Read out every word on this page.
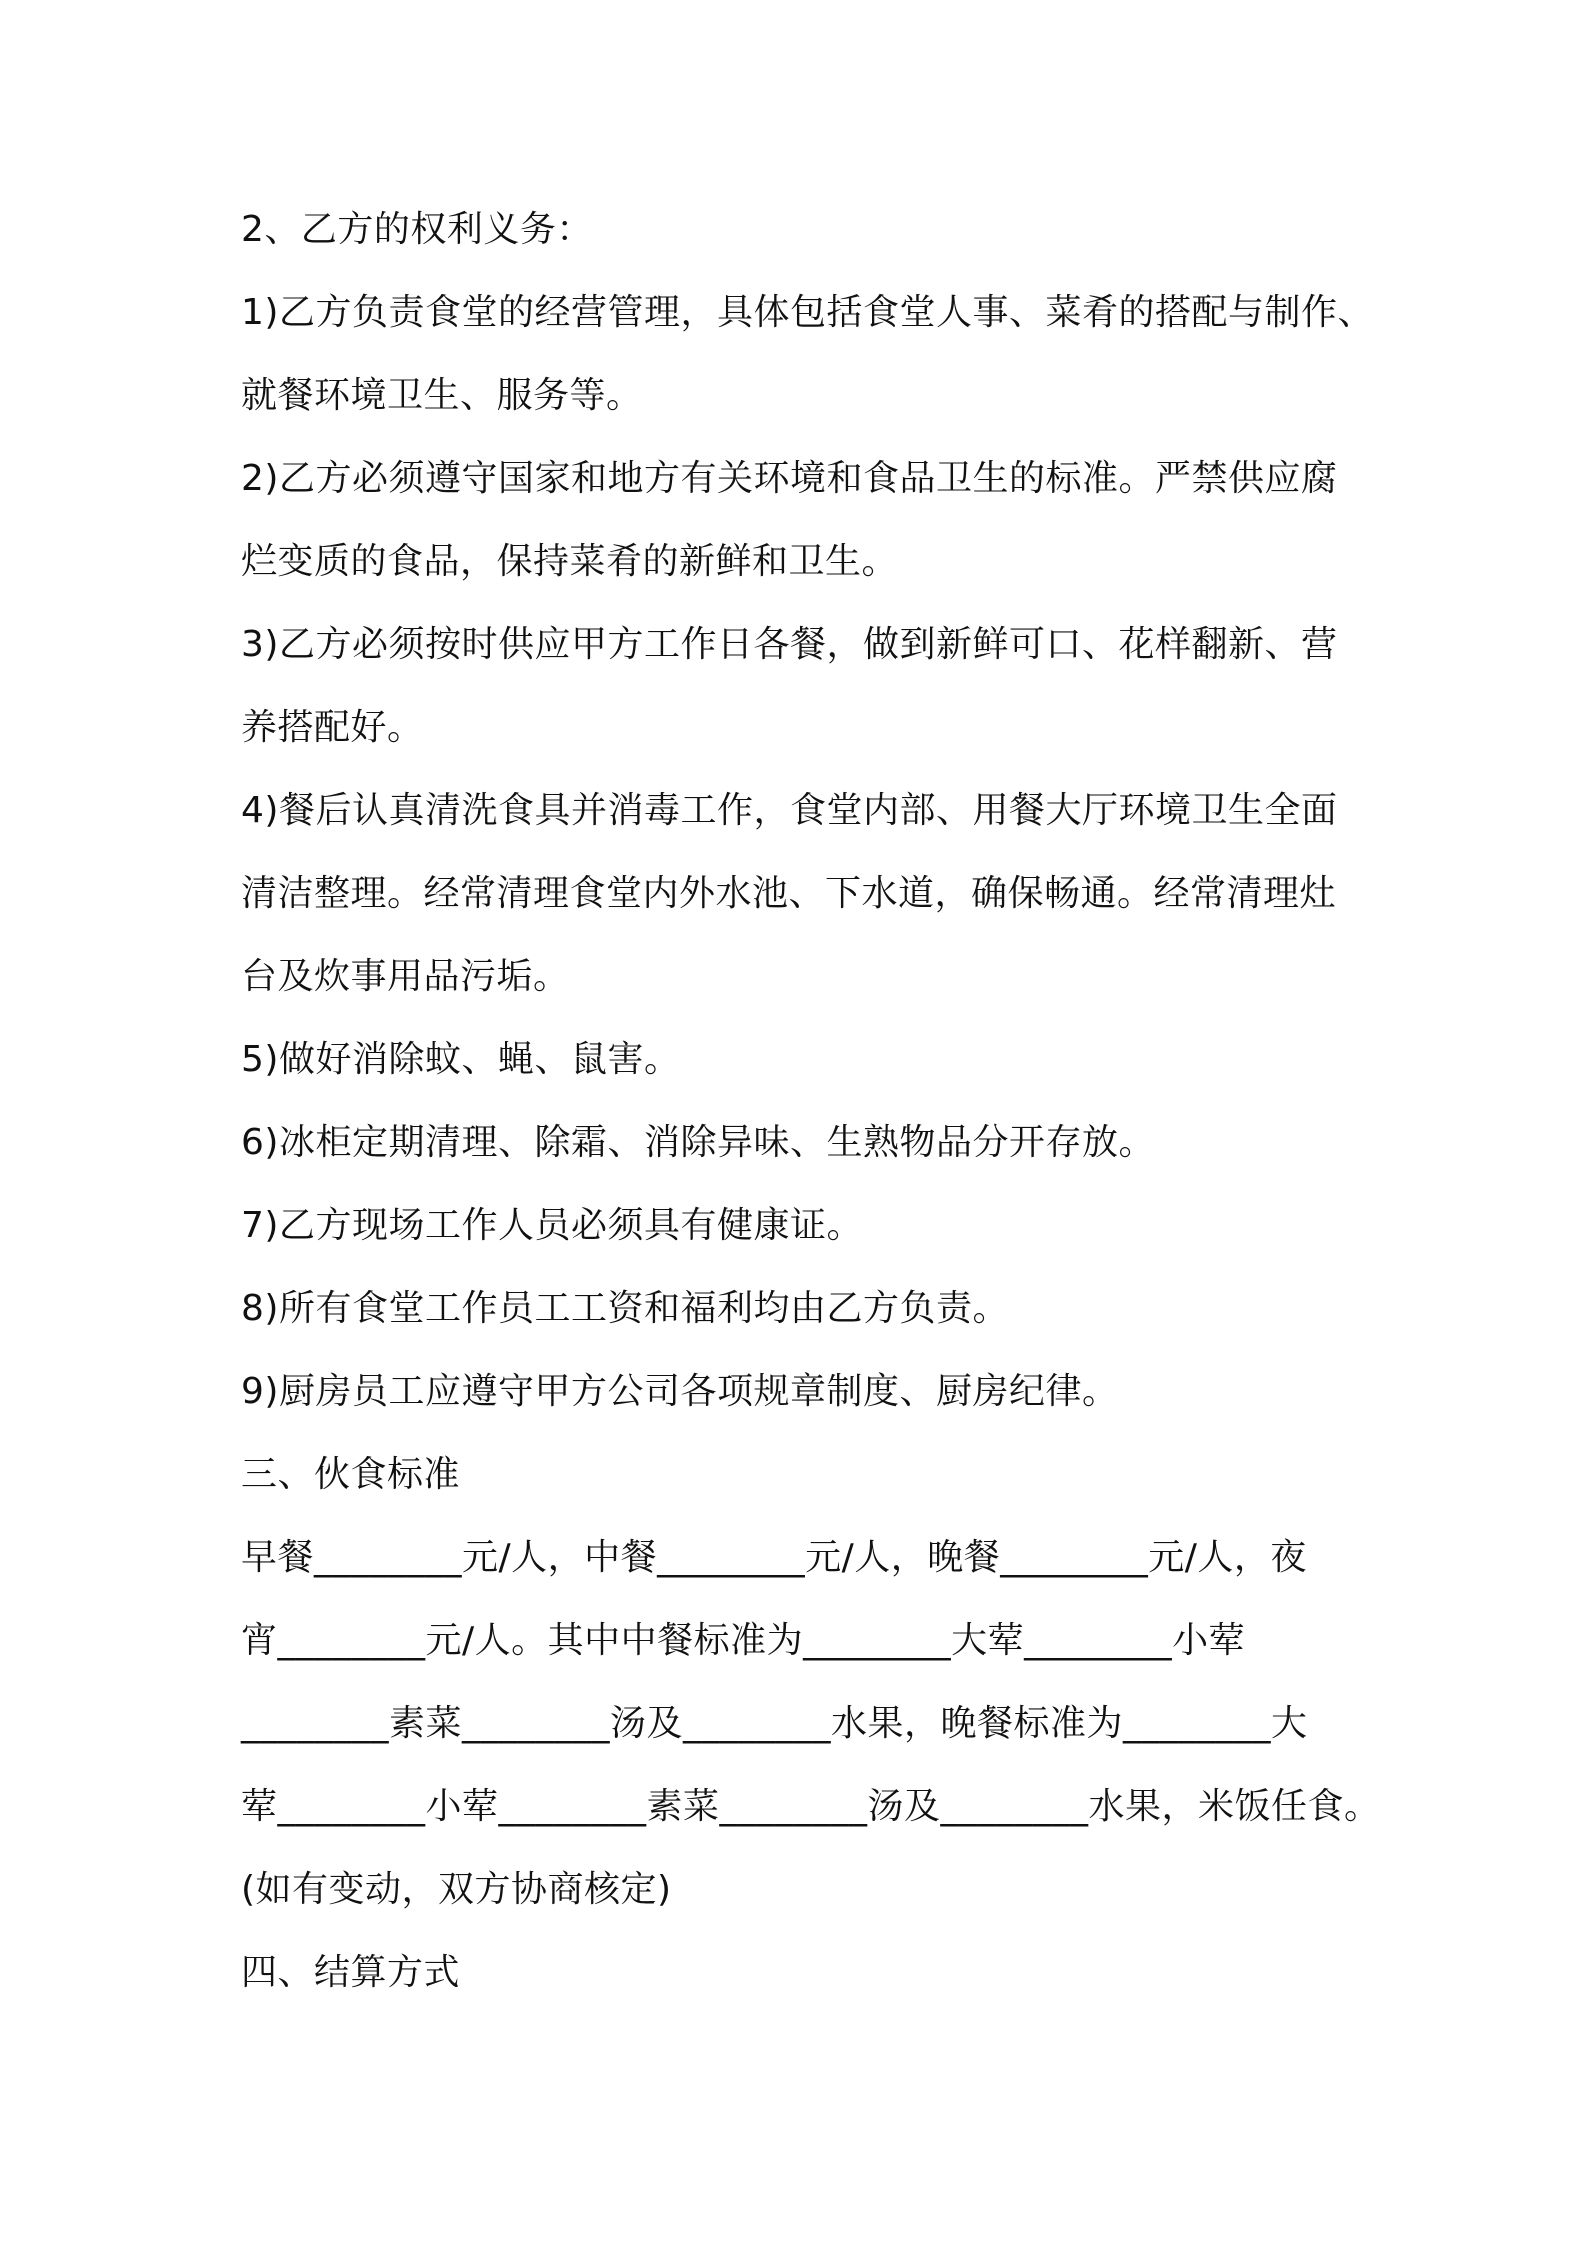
2、乙方的权利义务：
1)乙方负责食堂的经营管理，具体包括食堂人事、菜肴的搭配与制作、
就餐环境卫生、服务等。
2)乙方必须遵守国家和地方有关环境和食品卫生的标准。严禁供应腐
烂变质的食品，保持菜肴的新鲜和卫生。
3)乙方必须按时供应甲方工作日各餐，做到新鲜可口、花样翻新、营
养搭配好。
4)餐后认真清洗食具并消毒工作，食堂内部、用餐大厅环境卫生全面
清洁整理。经常清理食堂内外水池、下水道，确保畅通。经常清理灶
台及炊事用品污垢。
5)做好消除蚊、蝇、鼠害。
6)冰柜定期清理、除霜、消除异味、生熟物品分开存放。
7)乙方现场工作人员必须具有健康证。
8)所有食堂工作员工工资和福利均由乙方负责。
9)厨房员工应遵守甲方公司各项规章制度、厨房纪律。
三、伙食标准
早餐________元/人，中餐________元/人，晚餐________元/人，夜
宵________元/人。其中中餐标准为________大荤________小荤
________素菜________汤及________水果，晚餐标准为________大
荤________小荤________素菜________汤及________水果，米饭任食。
(如有变动，双方协商核定)
四、结算方式
